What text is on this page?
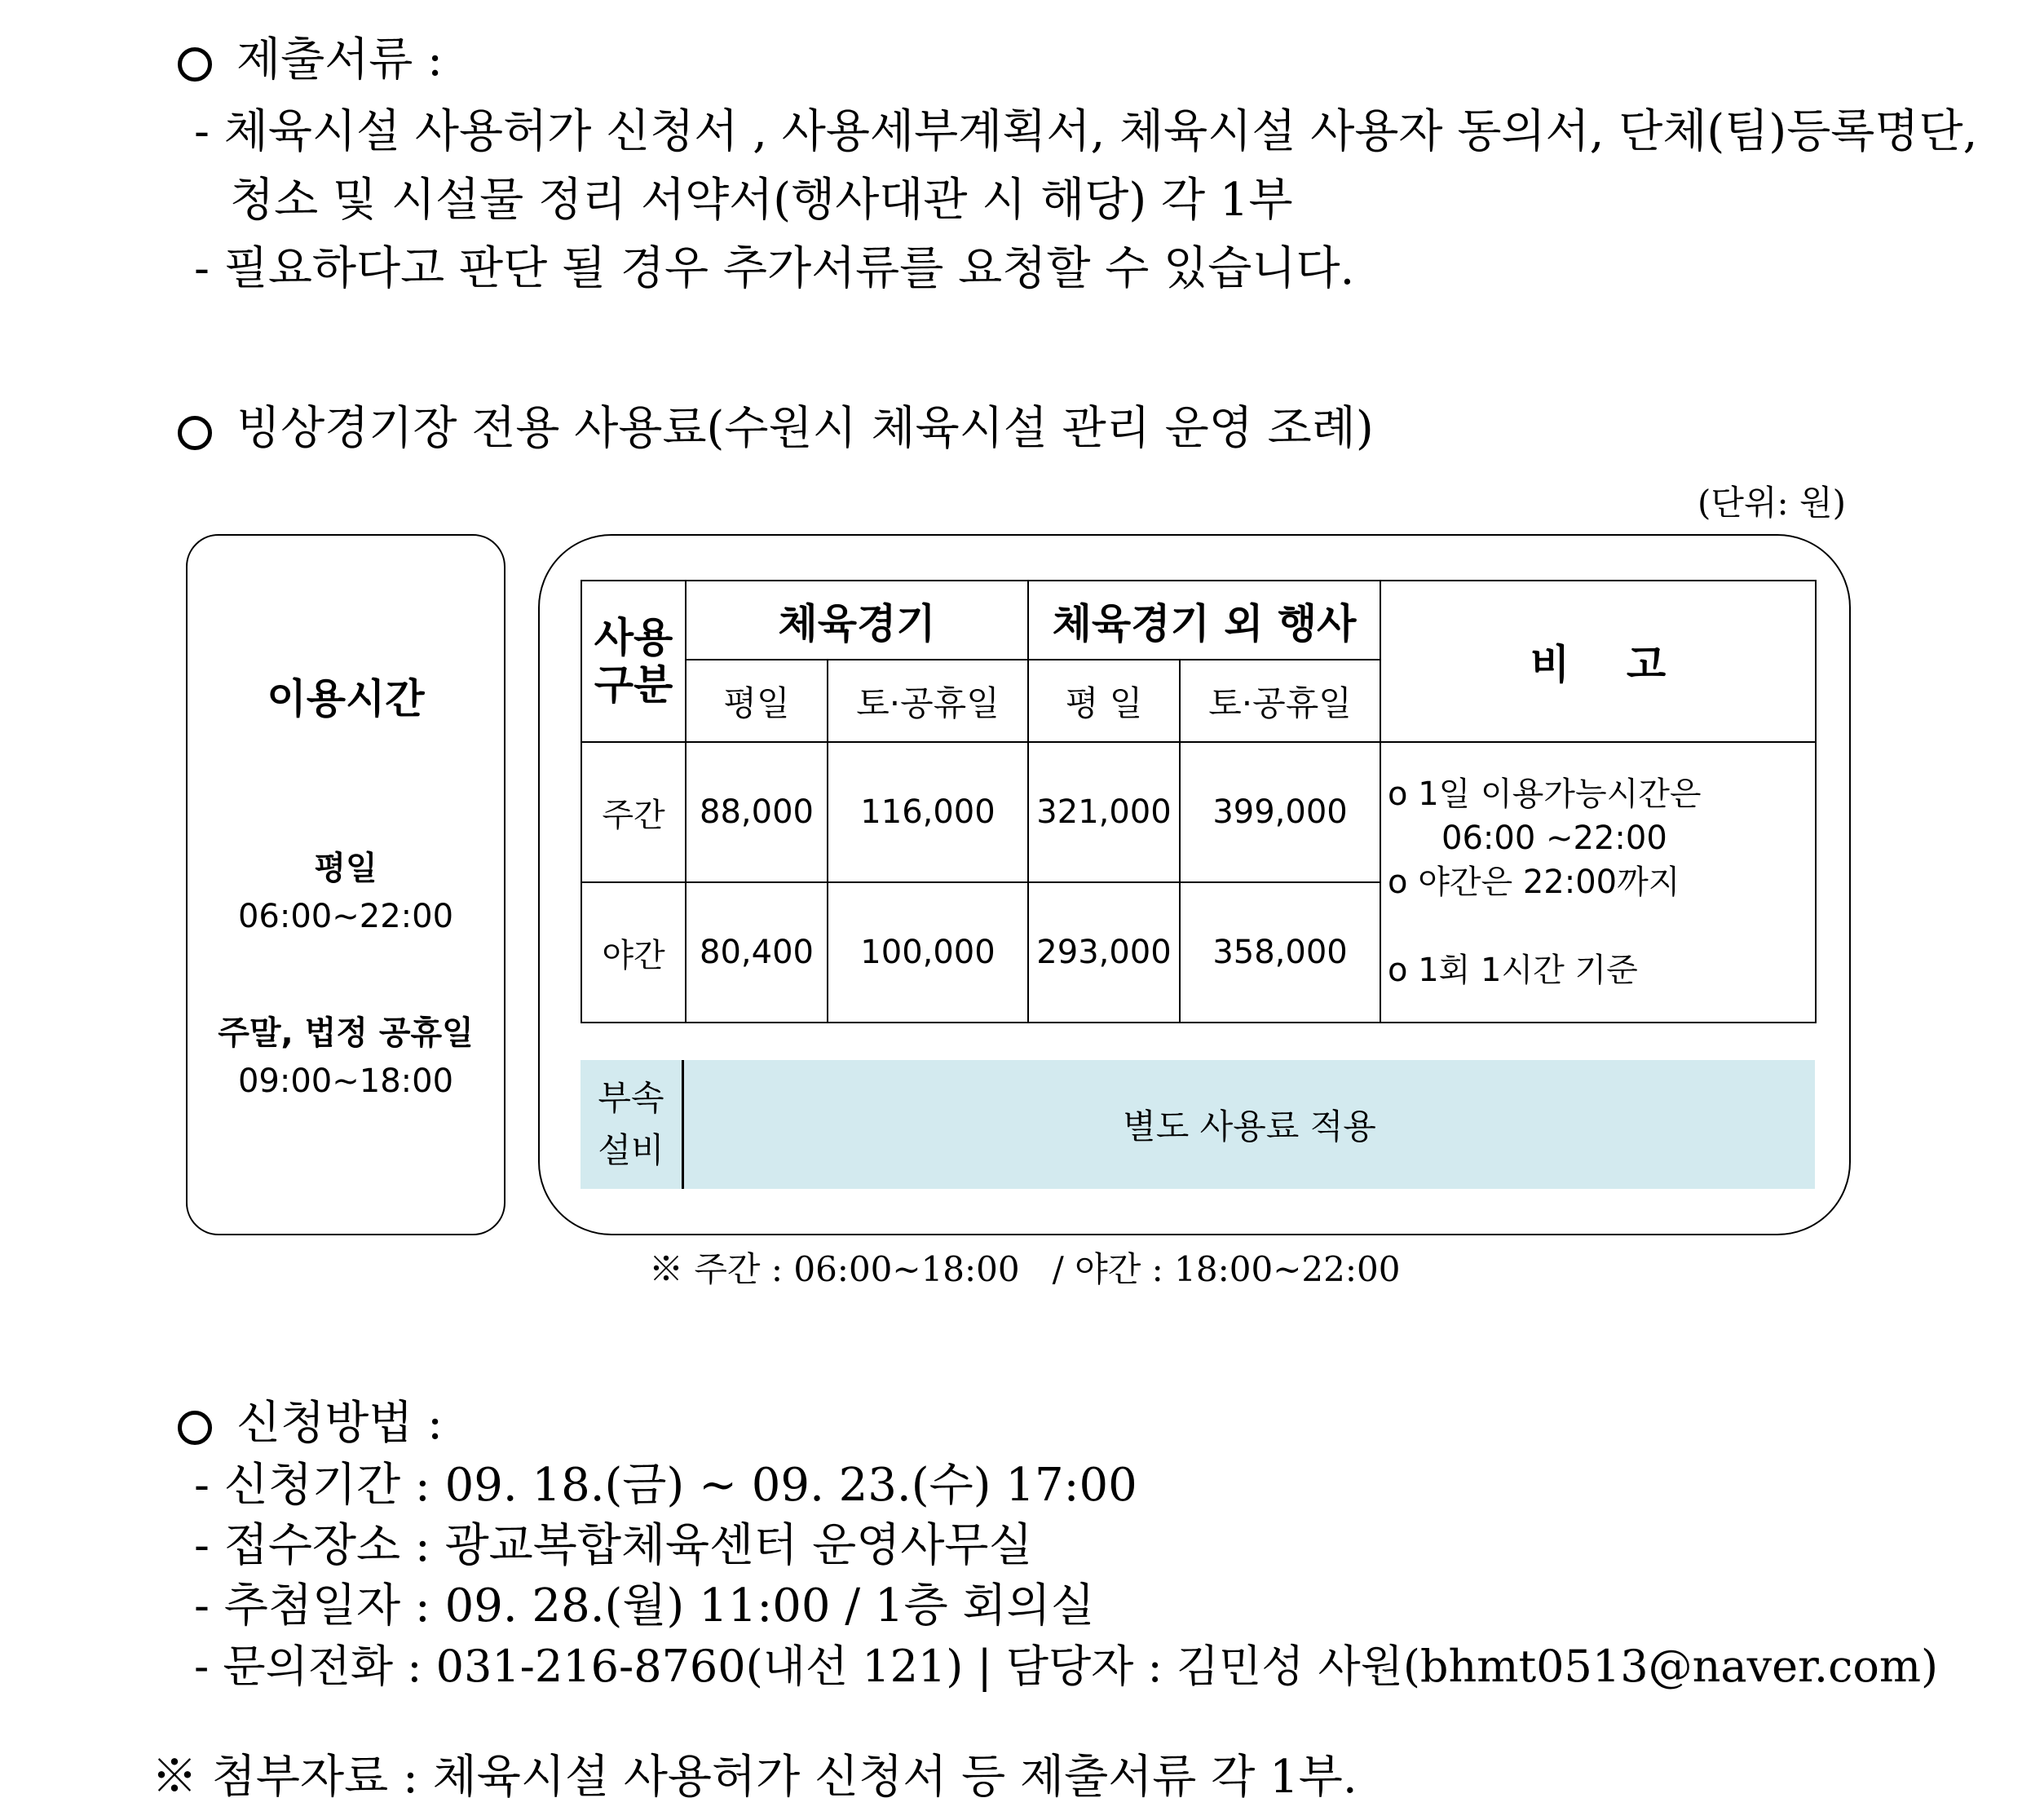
제출서류 :
- 체육시설 사용허가 신청서 , 사용세부계획서, 체육시설 사용자 동의서, 단체(팀)등록명단,
청소 및 시설물 정리 서약서(행사대관 시 해당) 각 1부
- 필요하다고 판단 될 경우 추가서류를 요청할 수 있습니다.
빙상경기장 전용 사용료(수원시 체육시설 관리 운영 조례)
(단위: 원)
이용시간
평일
06:00~22:00
주말, 법정 공휴일
09:00~18:00
사용
구분	체육경기		체육경기 외 행사		비    고
	평일	토·공휴일	평 일	토·공휴일	
주간	88,000	116,000	321,000	399,000	o 1일 이용가능시간은
06:00 ~22:00
o 야간은 22:00까지
o 1회 1시간 기준

야간	80,400	100,000	293,000	358,000	
부속
설비
별도 사용료 적용
※ 주간 : 06:00~18:00   / 야간 : 18:00~22:00
신청방법 :
- 신청기간 : 09. 18.(금) ~ 09. 23.(수) 17:00
- 접수장소 : 광교복합체육센터 운영사무실
- 추첨일자 : 09. 28.(월) 11:00 / 1층 회의실
- 문의전화 : 031-216-8760(내선 121) | 담당자 : 김민성 사원(bhmt0513@naver.com)
※ 첨부자료 : 체육시설 사용허가 신청서 등 제출서류 각 1부.
